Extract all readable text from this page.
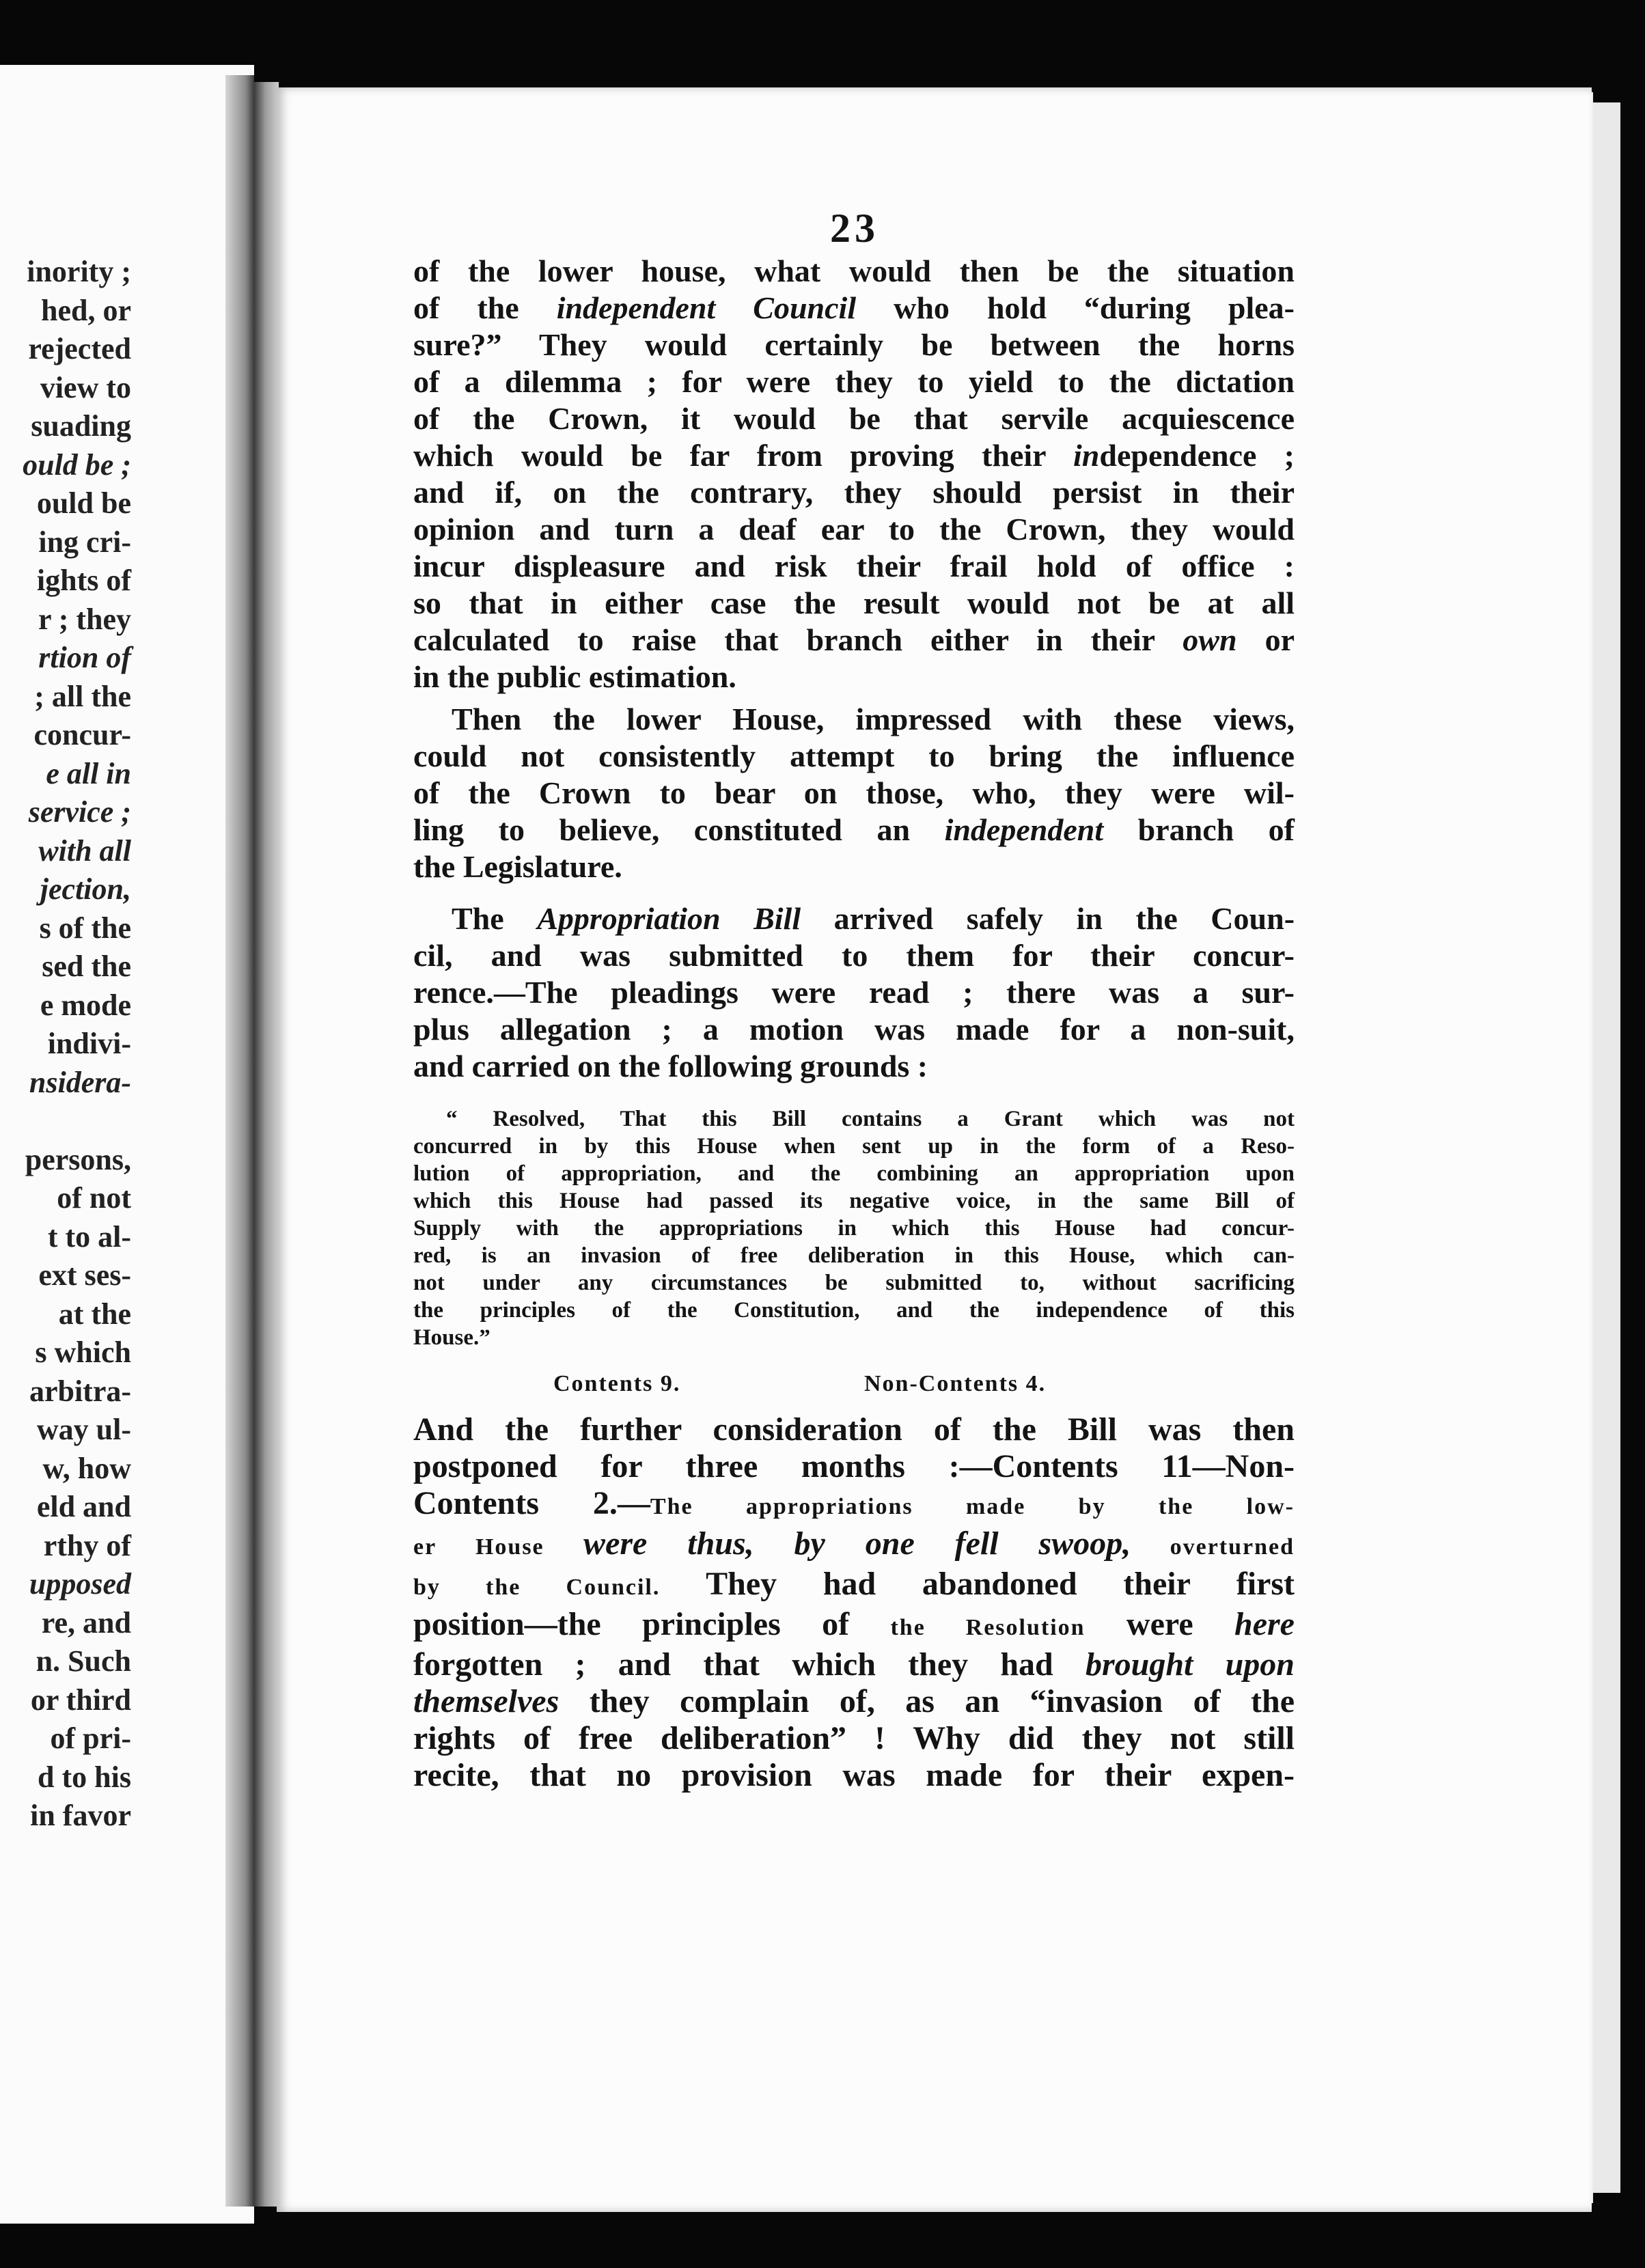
inority ;
hed, or
rejected
view to
suading
ould be ;
ould be
ing cri-
ights of
r ; they
rtion of
; all the
concur-
e all in
service ;
with all
jection,
s of the
sed the
e mode
indivi-
nsidera-
persons,
of not
t to al-
ext ses-
at the
s which
arbitra-
way ul-
w, how
eld and
rthy of
upposed
re, and
n. Such
or third
of pri-
d to his
in favor
23
of the lower house, what would then be the situation
of the independent Council who hold “during plea-
sure?” They would certainly be between the horns
of a dilemma ; for were they to yield to the dictation
of the Crown, it would be that servile acquiescence
which would be far from proving their independence ;
and if, on the contrary, they should persist in their
opinion and turn a deaf ear to the Crown, they would
incur displeasure and risk their frail hold of office :
so that in either case the result would not be at all
calculated to raise that branch either in their own or
in the public estimation.
Then the lower House, impressed with these views,
could not consistently attempt to bring the influence
of the Crown to bear on those, who, they were wil-
ling to believe, constituted an independent branch of
the Legislature.
The Appropriation Bill arrived safely in the Coun-
cil, and was submitted to them for their concur-
rence.—The pleadings were read ; there was a sur-
plus allegation ; a motion was made for a non-suit,
and carried on the following grounds :
“ Resolved, That this Bill contains a Grant which was not
concurred in by this House when sent up in the form of a Reso-
lution of appropriation, and the combining an appropriation upon
which this House had passed its negative voice, in the same Bill of
Supply with the appropriations in which this House had concur-
red, is an invasion of free deliberation in this House, which can-
not under any circumstances be submitted to, without sacrificing
the principles of the Constitution, and the independence of this
House.”
Contents 9.	Non-Contents 4.
And the further consideration of the Bill was then
postponed for three months :—Contents 11—Non-
Contents 2.—The appropriations made by the low-
er House were thus, by one fell swoop, overturned
by the Council. They had abandoned their first
position—the principles of the Resolution were here
forgotten ; and that which they had brought upon
themselves they complain of, as an “invasion of the
rights of free deliberation” ! Why did they not still
recite, that no provision was made for their expen-
